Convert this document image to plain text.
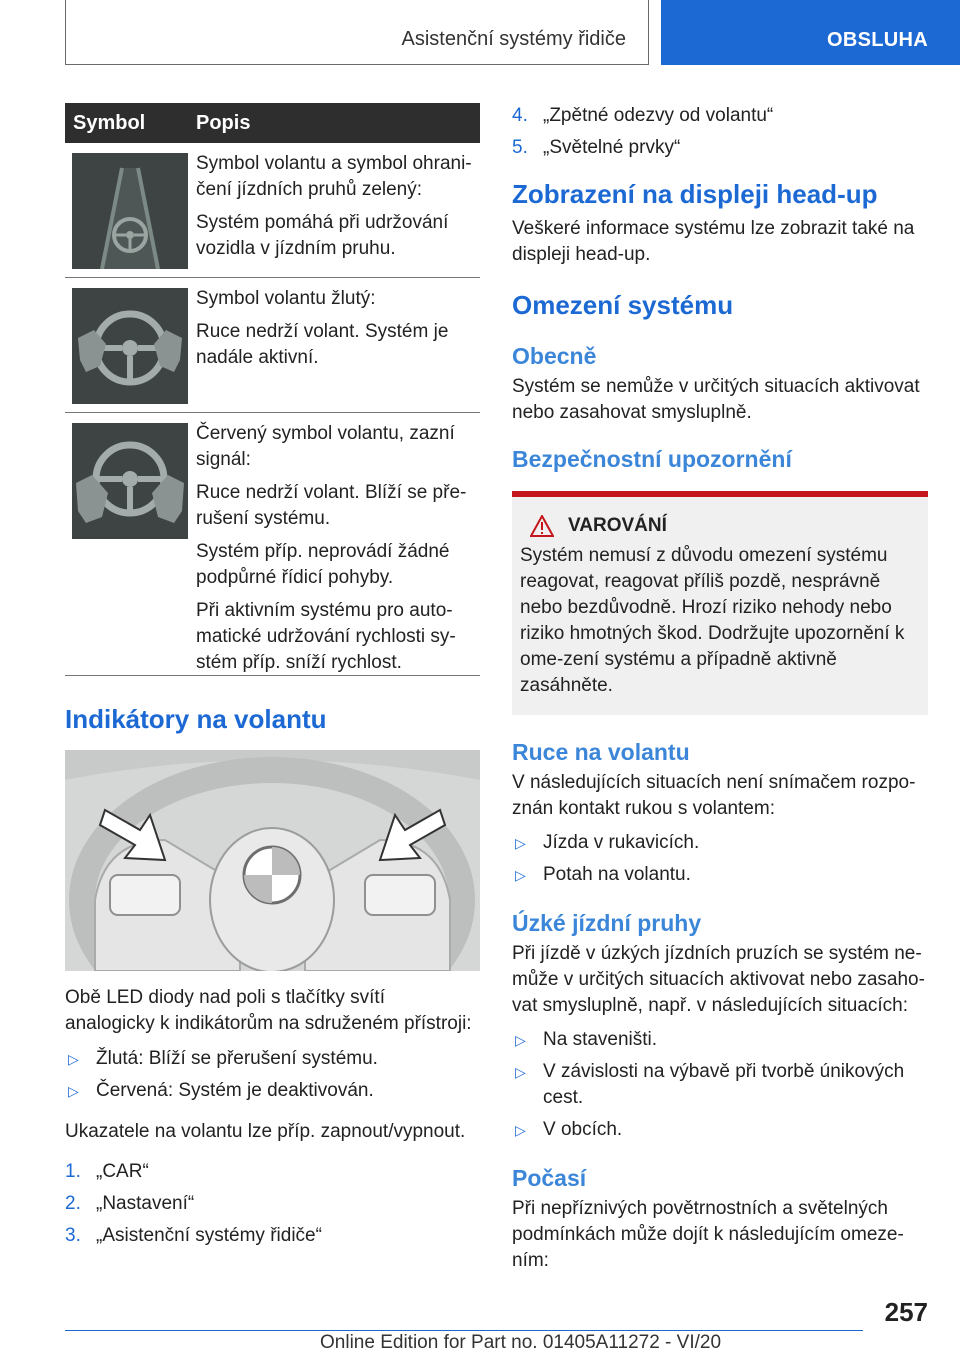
Asistenční systémy řidiče	OBSLUHA
Symbol	Popis

Symbol volantu a symbol ohrani-čení jízdních pruhů zelený:

Systém pomáhá při udržování vozidla v jízdním pruhu.

Symbol volantu žlutý:

Ruce nedrží volant. Systém je nadále aktivní.

Červený symbol volantu, zazní signál:

Ruce nedrží volant. Blíží se pře-rušení systému.

Systém příp. neprovádí žádné podpůrné řídicí pohyby.

Při aktivním systému pro auto-matické udržování rychlosti sy-stém příp. sníží rychlost.

Indikátory na volantu
Obě LED diody nad poli s tlačítky svítí analogicky k indikátorům na sdruženém přístroji:
▷ Žlutá: Blíží se přerušení systému.
▷ Červená: Systém je deaktivován.
Ukazatele na volantu lze příp. zapnout/vypnout.
1. „CAR“
2. „Nastavení“
3. „Asistenční systémy řidiče“
4. „Zpětné odezvy od volantu“
5. „Světelné prvky“
Zobrazení na displeji head-up
Veškeré informace systému lze zobrazit také na displeji head-up.
Omezení systému
Obecně
Systém se nemůže v určitých situacích aktivovat nebo zasahovat smysluplně.
Bezpečnostní upozornění
VAROVÁNÍ
Systém nemusí z důvodu omezení systému reagovat, reagovat příliš pozdě, nesprávně nebo bezdůvodně. Hrozí riziko nehody nebo riziko hmotných škod. Dodržujte upozornění k ome-zení systému a případně aktivně zasáhněte.
Ruce na volantu
V následujících situacích není snímačem rozpo-znán kontakt rukou s volantem:
▷ Jízda v rukavicích.
▷ Potah na volantu.
Úzké jízdní pruhy
Při jízdě v úzkých jízdních pruzích se systém ne-může v určitých situacích aktivovat nebo zasaho-vat smysluplně, např. v následujících situacích:
▷ Na staveništi.
▷ V závislosti na výbavě při tvorbě únikových cest.
▷ V obcích.
Počasí
Při nepříznivých povětrnostních a světelných podmínkách může dojít k následujícím omeze-ním:
257
Online Edition for Part no. 01405A11272 - VI/20
